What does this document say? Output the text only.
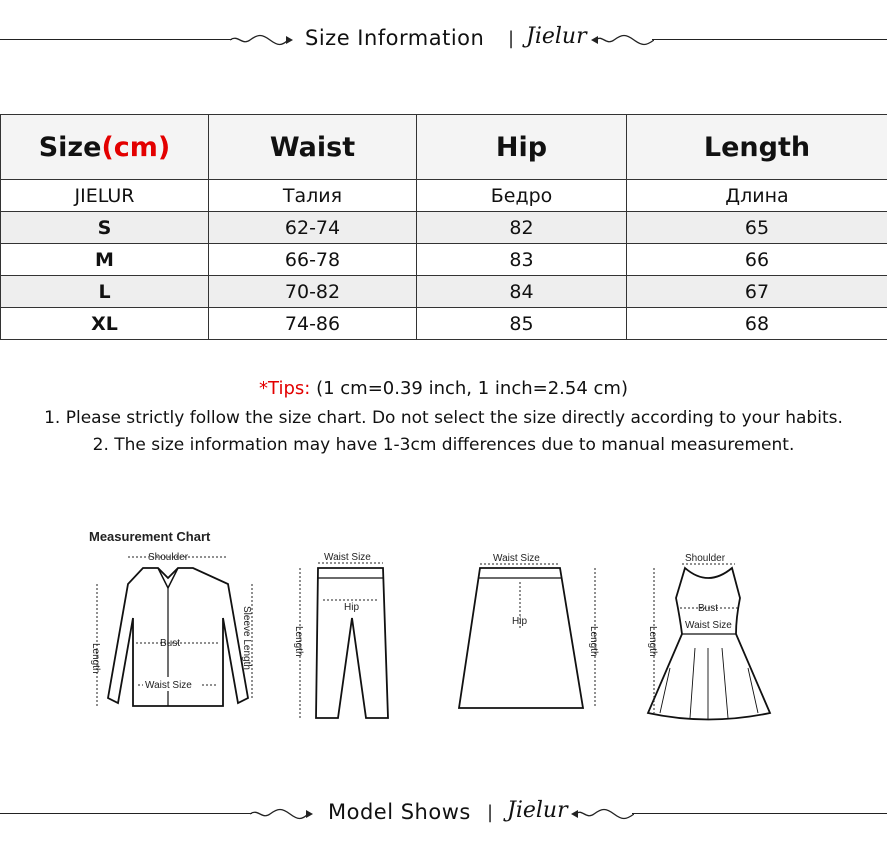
Size Information | Jielur
Size(cm)	Waist	Hip	Length
JIELUR	Талия	Бедро	Длина
S	62-74	82	65
M	66-78	83	66
L	70-82	84	67
XL	74-86	85	68
*Tips: (1 cm=0.39 inch, 1 inch=2.54 cm)
1. Please strictly follow the size chart. Do not select the size directly according to your habits.
2. The size information may have 1-3cm differences due to manual measurement.
Measurement Chart
Shoulder
Bust
Waist Size
Length	Sleeve Length
Waist Size
Hip
Length
Waist Size
Hip
Length
Shoulder
Bust
Waist Size
Length
Model Shows | Jielur
